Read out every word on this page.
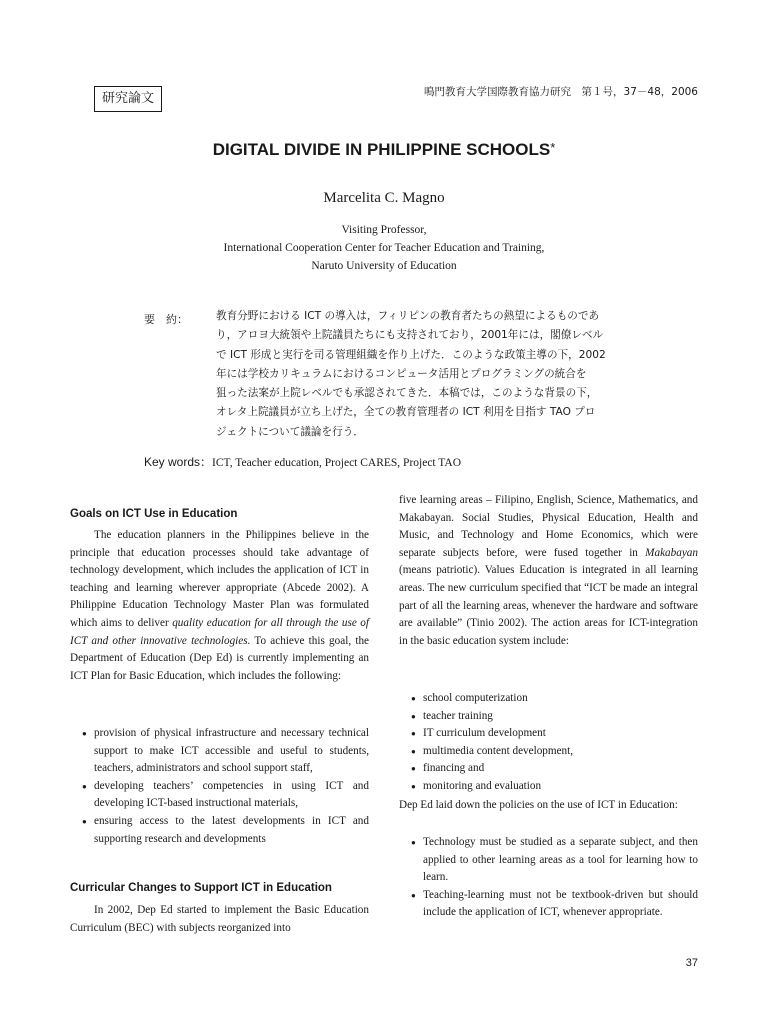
研究論文	鳴門教育大学国際教育協力研究　第１号，37－48，2006
DIGITAL DIVIDE IN PHILIPPINE SCHOOLS*
Marcelita C. Magno
Visiting Professor,
International Cooperation Center for Teacher Education and Training,
Naruto University of Education
要　約：	教育分野における ICT の導入は，フィリピンの教育者たちの熱望によるものであ
り，アロヨ大統領や上院議員たちにも支持されており，2001年には，閣僚レベル
で ICT 形成と実行を司る管理組織を作り上げた．このような政策主導の下，2002
年には学校カリキュラムにおけるコンピュータ活用とプログラミングの統合を
狙った法案が上院レベルでも承認されてきた．本稿では，このような背景の下，
オレタ上院議員が立ち上げた，全ての教育管理者の ICT 利用を目指す TAO プロ
ジェクトについて議論を行う．
Key words：ICT, Teacher education, Project CARES, Project TAO
Goals on ICT Use in Education

The education planners in the Philippines believe in the principle that education processes should take advantage of technology development, which includes the application of ICT in teaching and learning wherever appropriate (Abcede 2002). A Philippine Education Technology Master Plan was formulated which aims to deliver quality education for all through the use of ICT and other innovative technologies. To achieve this goal, the Department of Education (Dep Ed) is currently implementing an ICT Plan for Basic Education, which includes the following:

● provision of physical infrastructure and necessary technical support to make ICT accessible and useful to students, teachers, administrators and school support staff,
● developing teachers’ competencies in using ICT and developing ICT-based instructional materials,
● ensuring access to the latest developments in ICT and supporting research and developments
Curricular Changes to Support ICT in Education

In 2002, Dep Ed started to implement the Basic Education Curriculum (BEC) with subjects reorganized into

five learning areas – Filipino, English, Science, Mathematics, and Makabayan. Social Studies, Physical Education, Health and Music, and Technology and Home Economics, which were separate subjects before, were fused together in Makabayan (means patriotic). Values Education is integrated in all learning areas. The new curriculum specified that “ICT be made an integral part of all the learning areas, whenever the hardware and software are available” (Tinio 2002). The action areas for ICT-integration in the basic education system include:

● school computerization
● teacher training
● IT curriculum development
● multimedia content development,
● financing and
● monitoring and evaluation
Dep Ed laid down the policies on the use of ICT in Education:
● Technology must be studied as a separate subject, and then applied to other learning areas as a tool for learning how to learn.
● Teaching-learning must not be textbook-driven but should include the application of ICT, whenever appropriate.
37
